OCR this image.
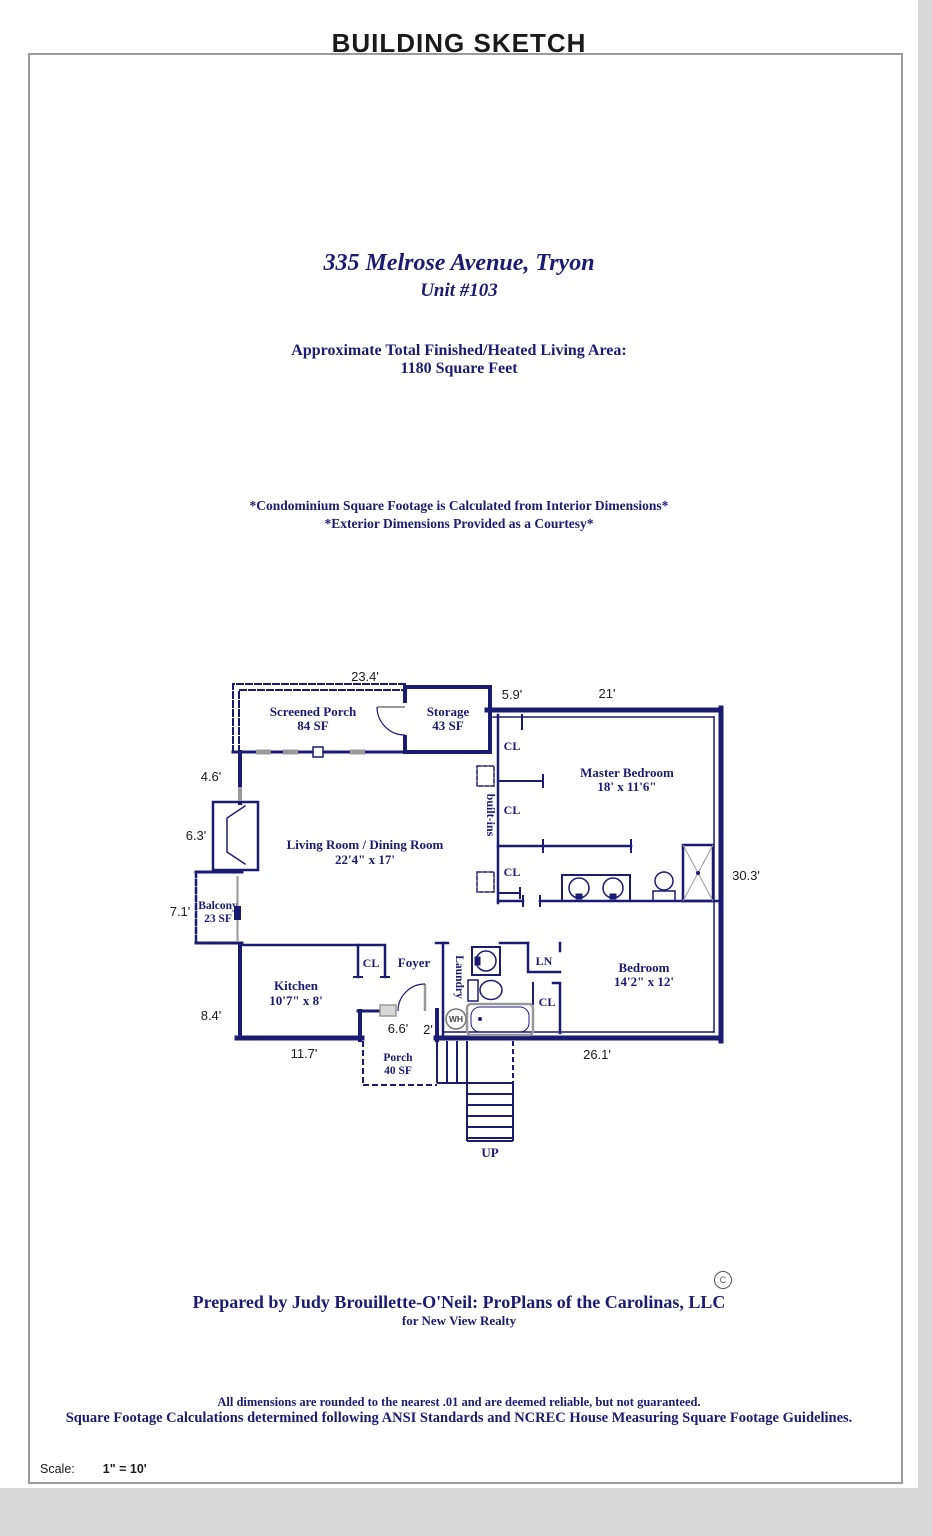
BUILDING SKETCH
335 Melrose Avenue, Tryon
Unit #103
Approximate Total Finished/Heated Living Area:
1180 Square Feet
*Condominium Square Footage is Calculated from Interior Dimensions*
*Exterior Dimensions Provided as a Courtesy*
Screened Porch
84 SF
Storage
43 SF
Master Bedroom
18' x 11'6"
Living Room / Dining Room
22'4" x 17'
Balcony
23 SF
Kitchen
10'7" x 8'
Foyer Laundry	Bedroom
14'2" x 12'
Porch
40 SF
CL
CL
CL
CL
CL
LN
built-ins
WH
UP
23.4'
5.9'	21'
4.6'
6.3'
7.1'
8.4'
11.7'
6.6' 2'
26.1'
30.3'
Prepared by Judy Brouillette-O'Neil: ProPlans of the Carolinas, LLC
C
for New View Realty
All dimensions are rounded to the nearest .01 and are deemed reliable, but not guaranteed.
Square Footage Calculations determined following ANSI Standards and NCREC House Measuring Square Footage Guidelines.
Scale: 1" = 10'
